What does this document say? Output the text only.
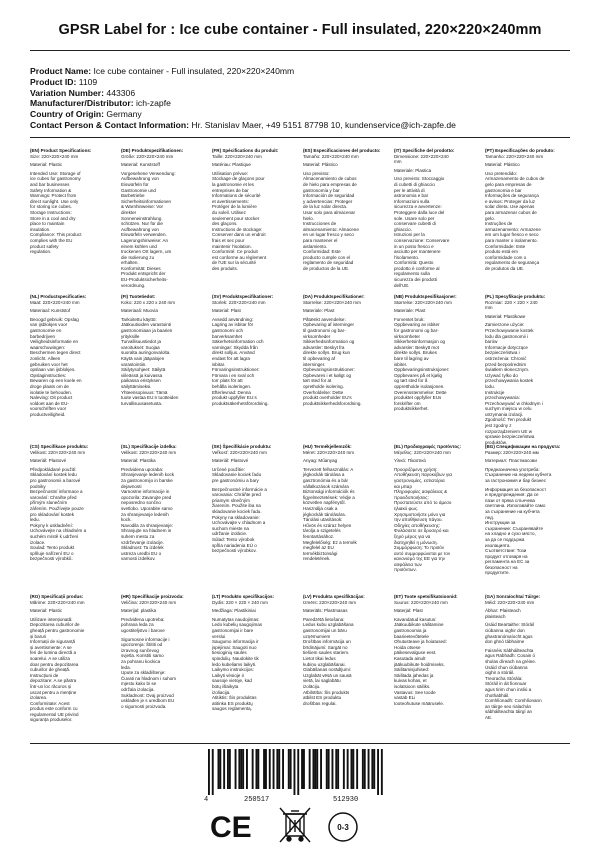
GPSR Label for : Ice cube container - Full insulated, 220×220×240mm
Product Name: Ice cube container - Full insulated, 220×220×240mm
Product ID: 1109
Variation Number: 443306
Manufacturer/Distributor: ich-zapfe
Country of Origin: Germany
Contact Person & Contact Information: Hr. Stanislav Maer, +49 5151 87798 10, kundenservice@ich-zapfe.de

(EN) Product Specifications:

Size: 220×220×240 mm

Material: Plastic

Intended Use: Storage of

ice cubes for gastronomy

and bar businesses

Safety Information &

Warnings: Protect from

direct sunlight. Use only

for storing ice cubes.

Storage Instructions:

Store in a cool and dry

place to maintain

insulation.

Compliance: This product

complies with the EU

product safety

regulation.

(DE) Produktspezifikationen:

Größe: 220×220×240 mm

Material: Kunststoff

Vorgesehene Verwendung:

Aufbewahrung von

Eiswürfeln für

Gastronomie und

Barbetriebe

Sicherheitsinformationen

& Warnhinweise: Vor

direkter

Sonneneinstrahlung

schützen. Nur für die

Aufbewahrung von

Eiswürfeln verwenden.

Lagerungshinweise: An

einem kühlen und

trockenen Ort lagern, um

die Isolierung zu

erhalten.

Konformität: Dieses

Produkt entspricht der

EU-Produktsicherheits-

verordnung.

(FR) Spécifications du produit:

Taille: 220×220×240 mm

Matériau: Plastique

Utilisation prévue:

Stockage de glaçons pour

la gastronomie et les

entreprises de bar

Informations de sécurité

et avertissements:

Protéger de la lumière

du soleil. Utilisez

seulement pour stocker

des glaçons.

Instructions de stockage:

Conserver dans un endroit

frais et sec pour

maintenir l'isolation.

Conformité: Ce produit

est conforme au règlement

de l'UE sur la sécurité

des produits.

(ES) Especificaciones del producto:

Tamaño: 220×220×240 mm

Material: Plástico

Uso previsto:

Almacenamiento de cubos

de hielo para empresas de

gastronomía y bar

Información de seguridad

y advertencias: Proteger

de la luz solar directa.

Usar solo para almacenar

hielo.

Instrucciones de

almacenamiento: Almacene

en un lugar fresco y seco

para mantener el

aislamiento.

Conformidad: Este

producto cumple con el

reglamento de seguridad

de productos de la UE.

(IT) Specifiche del prodotto:

Dimensione: 220×220×240

mm

Materiale: Plastica

Uso previsto: Stoccaggio

di cubetti di ghiaccio

per le attività di

astronomia e bar

Informazioni sulla

sicurezza e avvertenze:

Proteggere dalla luce del

sole. Usare solo per

conservare cubetti di

ghiaccio.

Istruzioni per la

conservazione: Conservare

in un posto fresco e

asciutto per mantenere

l'isolamento.

Conformità: Questo

prodotto è conforme al

regolamento sulla

sicurezza dei prodotti

dell'UE.

(PT) Especificações do produto:

Tamanho: 220×220×240 mm

Material: Plástico

Uso pretendido:

Armazenamento de cubos de

gelo para empresas de

gastronomia e bar

Informações de segurança

e avisos: Proteger da luz

solar direta. Use apenas

para armazenar cubos de

gelo.

Instruções de

armazenamento: Armazene

em um lugar fresco e seco

para manter o isolamento.

Conformidade: Este

produto está em

conformidade com o

regulamento de segurança

de produtos da UE.

(NL) Productspecificaties:

Maat: 220×220×240 mm

Materiaal: Kunststof

Beoogd gebruik: Opslag

van ijsblokjes voor

gastronomie en

barbedrijven

Veiligheidsinformatie en

waarschuwingen:

Beschermen tegen direct

zonlicht. Alleen

gebruiken voor het

opslaan van ijsblokjes.

Opslaginstructies:

Bewaren op een koele en

droge plaats om de

isolatie te behouden.

Naleving: Dit product

voldoet aan de EU-

voorschriften voor

productveiligheid.

(FI) Tuotetiedot:

Koko: 220 x 220 x 240 mm

Materiaali: Muovia

Tarkoitettu käyttö:

Jääkuutioiden varastointi

gastronomiaan ja baarien

yrityksille

Turvallisuustiedot ja

varoitukset: Suojaa

suoralta auringonvalolta.

Käytä vain jääpalojen

varastointiin.

Säilytysohjeet: Säilytä

viileässä ja kuivassa

paikassa eristyksen

säilyttämiseksi.

Yhteensopivuus: Tämä

tuote vastaa EU:n tuotteiden

turvallisuusasetusta.

(SV) Produktspecifikationer:

Storlek: 220×220×240 mm

Material: Plast

Avsedd användning:

Lagring av isbitar för

gastronomi och

barverksamhet

Säkerhetsinformation och

varningar: Skydda från

direkt solljus. Använd

endast för att lagra

isbitar.

Förvaringsinstruktioner:

Förvara i en sval och

torr plats för att

behålla isoleringen.

Efterlevnad: Denna

produkt uppfyller EU:s

produktsäkerhetsförordning.

(DA) Produktspecifikationer:

Størrelse: 220×220×240 mm

Materiale: Plast

Påtænkt anvendelse:

Opbevaring af isterninger

til gastronomi og bar-

virksomheder

Sikkerhedsinformation og

advarsler: Beskyt fra

direkte sollys. Brug kun

til opbevaring af

isterninger.

Opbevaringsinstruktioner:

Opbevares i et køligt og

tørt sted for at

opretholde isolering.

Overholdelse: Dette

produkt overholder EU's

produktsikkerhedsforordning.

(NB) Produktspesifikasjoner:

Størrelse: 220×220×240 mm

Materiale: Plast

Forventet bruk:

Oppbevaring av isbiter

for gastronomi og bar-

virksomheter

Sikkerhetsinformasjon og

advarsler: Beskytt mot

direkte sollys. Brukes

bare til lagring av

isbiter.

Oppbevaringsinstruksjoner:

Oppbevares på et kjølig

og tørt sted for å

opprettholde isolasjonen.

Overensstemmelse: Dette

produktet oppfyller EUs

forskrifter om

produktsikkerhet.

(PL) Specyfikacje produktu:

Rozmiar: 220 × 220 × 240

mm

Materiał: Plastikowe

Zamierzone użycie:

Przechowywanie kostek

lodu dla gastronomii i

barów

Informacje dotyczące

bezpieczeństwa i

ostrzeżenia: Chronić

przed bezpośrednim

światłem słonecznym.

Używać tylko do

przechowywania kostek

lodu.

Instrukcje

przechowywania:

Przechowywać w chłodnym i

suchym miejscu w celu

utrzymania izolacji.

Zgodność: Ten produkt

jest zgodny z

rozporządzeniem UE w

sprawie bezpieczeństwa

produktów.

(CS) Specifikace produktu:

Velikost: 220×220×240 mm

Materiál: Plastové

Předpokládané použití:

Skladování kostek ledu

pro gastronomii a barové

podniky

Bezpečnostní informace a

varování: Chraňte před

přímým slunečním

zářením. Používejte pouze

pro skladování kostek

ledu.

Pokyny k uskladnění:

Uchovávejte na chladném a

suchém místě k udržení

izolace.

Soulad: Tento produkt

splňuje nařízení EU o

bezpečnosti výrobků.

(SL) Specifikacije izdelka:

Velikost: 220×220×240 mm

Material: Plastika

Predvidena uporaba:

Shranjevanje ledenih kock

za gastronomijo in barske

dejavnosti

Varnostne informacije in

opozorila: Zavarujte pred

neposredno sončno

svetlobo. Uporabite samo

za shranjevanje ledenih

kock.

Navodila za shranjevanje:

Shranjujte na hladnem in

suhem mestu za

vzdrževanje izolacije.

Skladnost: Ta izdelek

ustreza uredbi EU o

varnosti izdelkov.

(SK) Špecifikácie produktu:

Veľkosť: 220×220×240 mm

Materiál: Plastové

Určené použitie:

Skladovanie kociek ľadu

pre gastronómiu a bary

Bezpečnostné informácie a

varovania: Chráňte pred

priamym slnečným

žiarením. Použite iba na

skladovanie kociek ľadu.

Pokyny na skladovanie:

Uchovávajte v chladnom a

suchom mieste na

udržanie izolácie.

Súlad: Tento výrobok

spĺňa nariadenia EÚ o

bezpečnosti výrobkov.

(HU) Termékjellemzők:

Méret: 220×220×240 mm

Anyag: Műanyag

Tervezett felhasználás: A

jégkockák tárolása a

gasztronómia és a bár

vállalkozások számára

Biztonsági információk és

figyelmeztetések: Védje a

közvetlen napfénytől.

Használja csak a

jégkockák tárolására.

Tárolási utasítások:

Hűvös és száraz helyen

tárolja a szigetelés

fenntartásához.

Megfelelőség: Ez a termék

megfelel az EU

termékbiztonsági

rendeletének.

(EL) Προδιαγραφές προϊόντος:

Μέγεθος: 220×220×240 mm

Υλικό: Πλαστικό

Προοριζόμενη χρήση:

Αποθήκευση παγοκύβων για

γαστρονομίες, εστιατόρια

και μπαρ

Πληροφορίες ασφάλειας &

προειδοποιήσεις:

Προστατεύστε από το άμεσο

ηλιακό φως.

Χρησιμοποιήστε μόνο για

την αποθήκευση πάγου.

Οδηγίες αποθήκευσης:

Φυλάσσετε σε δροσερό και

ξηρό μέρος για να

διατηρηθεί η μόνωση.

Συμμόρφωση: Το προϊόν

αυτό συμμορφώνεται με τον

κανονισμό της ΕΕ για την

ασφάλεια των

προϊόντων.

(BG) Спецификации на продукта:

Размер: 220×220×240 мм

Материал: Пластмасови

Предназначена употреба:

Съхранение на ледени кубчета

за гастрономия и бар бизнес

Информация за безопасност

и предупреждения: Да се

пази от пряка слънчева

светлина. Използвайте само

за съхранение на кубчета

лед.

Инструкции за

съхранение: Съхранявайте

на хладно и сухо място,

за да се поддържа

изолацията.

Съответствие: Този

продукт отговаря на

регламента на ЕС за

безопасност на

продуктите.

(RO) Specificații produs:

Mărime: 220×220×240 mm

Material: Plastic

Utilizare intenționată:

Depozitarea cuburilor de

gheață pentru gastronomie

și baruri

Informații de siguranță

și avertismente: A se

feri de lumina directă a

soarelui. A se utiliza

doar pentru depozitarea

cuburilor de gheață.

Instrucțiuni de

depozitare: A se păstra

într-un loc răcoros și

uscat pentru a menține

izolarea.

Conformitate: Acest

produs este conform cu

regulamentul UE privind

siguranța produselor.

(HR) Specifikacije proizvoda:

Veličina: 220×220×240 mm

Materijal: plastika

Predviđena upotreba:

pohrana leda za

ugostiteljstvo i barove

Sigurnosne informacije i

upozorenja: Štititi od

izravnog sunčevog

svjetla. Koristiti samo

za pohranu kockica

leda.

Upute za skladištenje:

Čuvati na hladnom i suhom

mjestu kako bi se

održala izolacija.

Sukladnost: Ovaj proizvod

usklađen je s uredbom EU

o sigurnosti proizvoda.

(LT) Produkto specifikacijos:

Dydis: 220 × 220 × 240 mm

Medžiaga: Plastikiniai

Numatytas naudojimas:

Ledo kubelių saugojimas

gastronomijai ir bare

verslui

Saugumo informacija ir

įspėjimai: Saugoti nuo

tiesioginių saulės

spindulių. Naudokite tik

ledo kubeliams laikyti.

Laikymo instrukcijos:

Laikyti vėsioje ir

sausoje vietoje, kad

būtų išlaikyta

izoliacija.

Atitiktis: Šis produktas

atitinka ES produktų

saugos reglamentą.

(LV) Produkta specifikācijas:

Izmērs: 220×220×240 mm

Materiāls: Plastmasas

Paredzētā lietošana:

Ledus kubu uzglabāšana

gastronomijai un bāru

uzņēmumiem

Drošības informācija un

brīdinājumi: Sargāt no

tiešiem saules stariem.

Lietot tikai ledus

kubiņu uzglabāšanai.

Glabāšanas norādījumi:

Uzglabāt vēsā un sausā

vietā, lai saglabātu

izolāciju.

Atbilstība: Šis produkts

atbilst ES produktu

drošības regulai.

(ET) Toote spetsifikatsioonid:

Suurus: 220×220×240 mm

Materjal: Plast

Kavandatud kasutus:

Jääkuubikute säilitamine

gastronoomia ja

baarieetevõtetele

Ohutusteave ja hoiatused:

Hoida otsese

päikesevalguse eest.

Kasutada ainult

jääkuubikute hoidmiseks.

Säilitamisjuhised:

Säilitada jahedas ja

kuivas kohas, et

isolatsioon säiliks.

Vastavus: See toode

vastab ELi

tooteohutuse määrusele.

(GA) Sonraíochtaí Táirge:

Méid: 220×220×240 mm

Ábhar: Plaisteach

plaisteach

Úsáid Beartaithe: Stóráil

ciúbanna oighir don

ghastranómaíocht agus

don ghnó tábhairne

Faisnéis Sábháilteachta

agus Rabhadh: Cosain ó

sholas díreach na gréine.

Úsáid chun ciúbanna

oighir a stóráil.

Treoracha Stórála:

Stóráil in áit fionnuar

agus tirim chun insliú a

chothabháil.

Comhlíonadh: Comhlíonann

an táirge seo rialachán

sábháilteachta táirgí an

AE.

4	250517	512930
CE	0-3
